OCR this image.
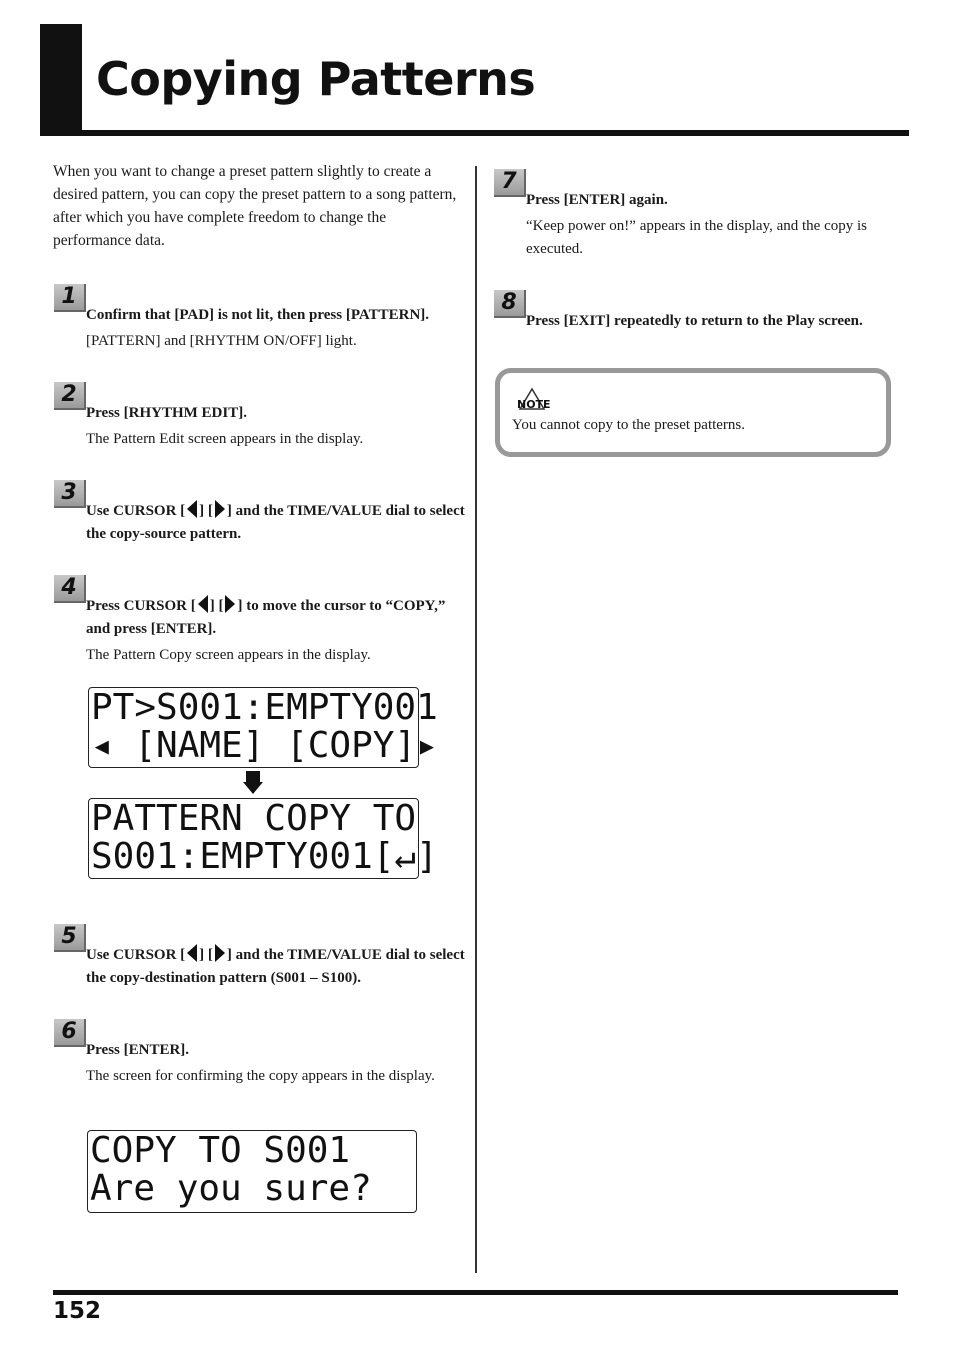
Copying Patterns
When you want to change a preset pattern slightly to create a desired pattern, you can copy the preset pattern to a song pattern, after which you have complete freedom to change the performance data.
1
Confirm that [PAD] is not lit, then press [PATTERN].
[PATTERN] and [RHYTHM ON/OFF] light.
2
Press [RHYTHM EDIT].
The Pattern Edit screen appears in the display.
3
Use CURSOR [ ] [ ] and the TIME/VALUE dial to select the copy-source pattern.
4
Press CURSOR [ ] [ ] to move the cursor to “COPY,” and press [ENTER].
The Pattern Copy screen appears in the display.
PT>S001:EMPTY001
◂ [NAME] [COPY]▸
PATTERN COPY TO
S001:EMPTY001[↵]
5
Use CURSOR [ ] [ ] and the TIME/VALUE dial to select the copy-destination pattern (S001 – S100).
6
Press [ENTER].
The screen for confirming the copy appears in the display.
COPY TO S001
Are you sure?
7
Press [ENTER] again.
“Keep power on!” appears in the display, and the copy is executed.
8
Press [EXIT] repeatedly to return to the Play screen.
NOTE
You cannot copy to the preset patterns.
152
